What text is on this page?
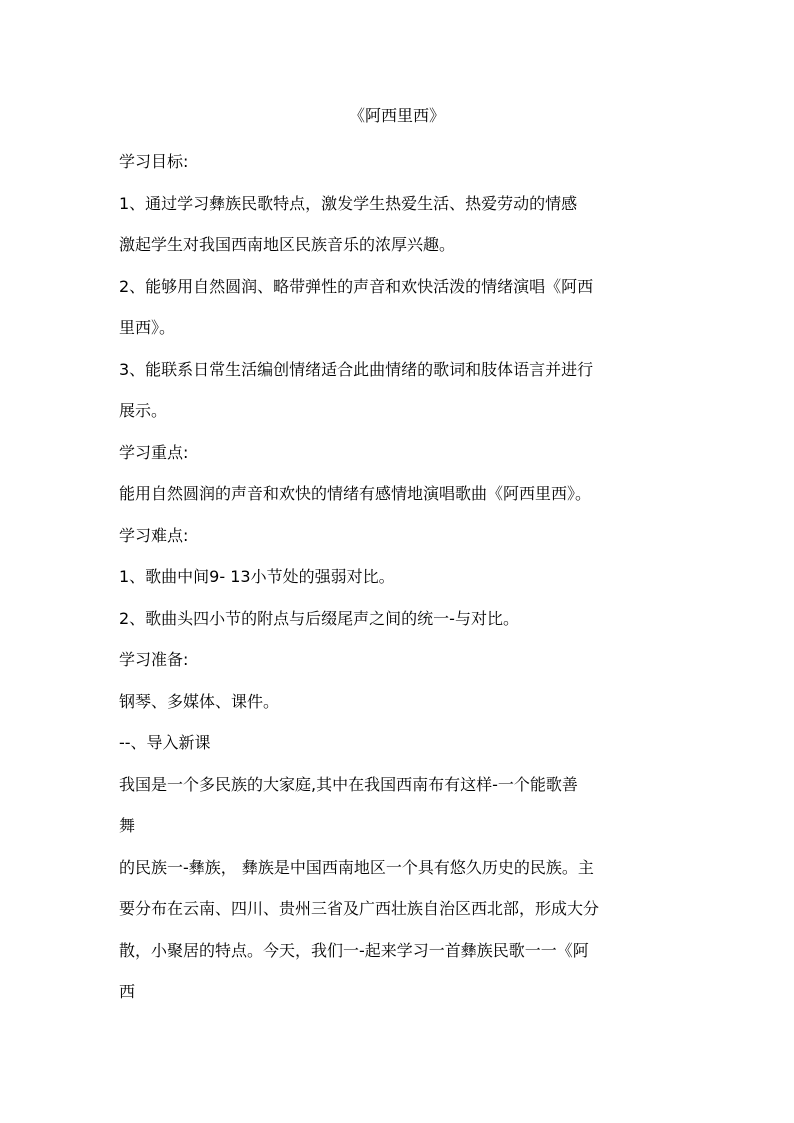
《阿西里西》
学习目标:
1、通过学习彝族民歌特点，激发学生热爱生活、热爱劳动的情感
激起学生对我国西南地区民族音乐的浓厚兴趣。
2、能够用自然圆润、略带弹性的声音和欢快活泼的情绪演唱《阿西
里西》。
3、能联系日常生活编创情绪适合此曲情绪的歌词和肢体语言并进行
展示。
学习重点:
能用自然圆润的声音和欢快的情绪有感情地演唱歌曲《阿西里西》。
学习难点:
1、歌曲中间9- 13小节处的强弱对比。
2、歌曲头四小节的附点与后缀尾声之间的统一-与对比。
学习准备:
钢琴、多媒体、课件。
--、导入新课
我国是一个多民族的大家庭,其中在我国西南布有这样-一个能歌善
舞
的民族一-彝族， 彝族是中国西南地区一个具有悠久历史的民族。主
要分布在云南、四川、贵州三省及广西壮族自治区西北部，形成大分
散，小聚居的特点。今天，我们一-起来学习一首彝族民歌一一《阿
西
